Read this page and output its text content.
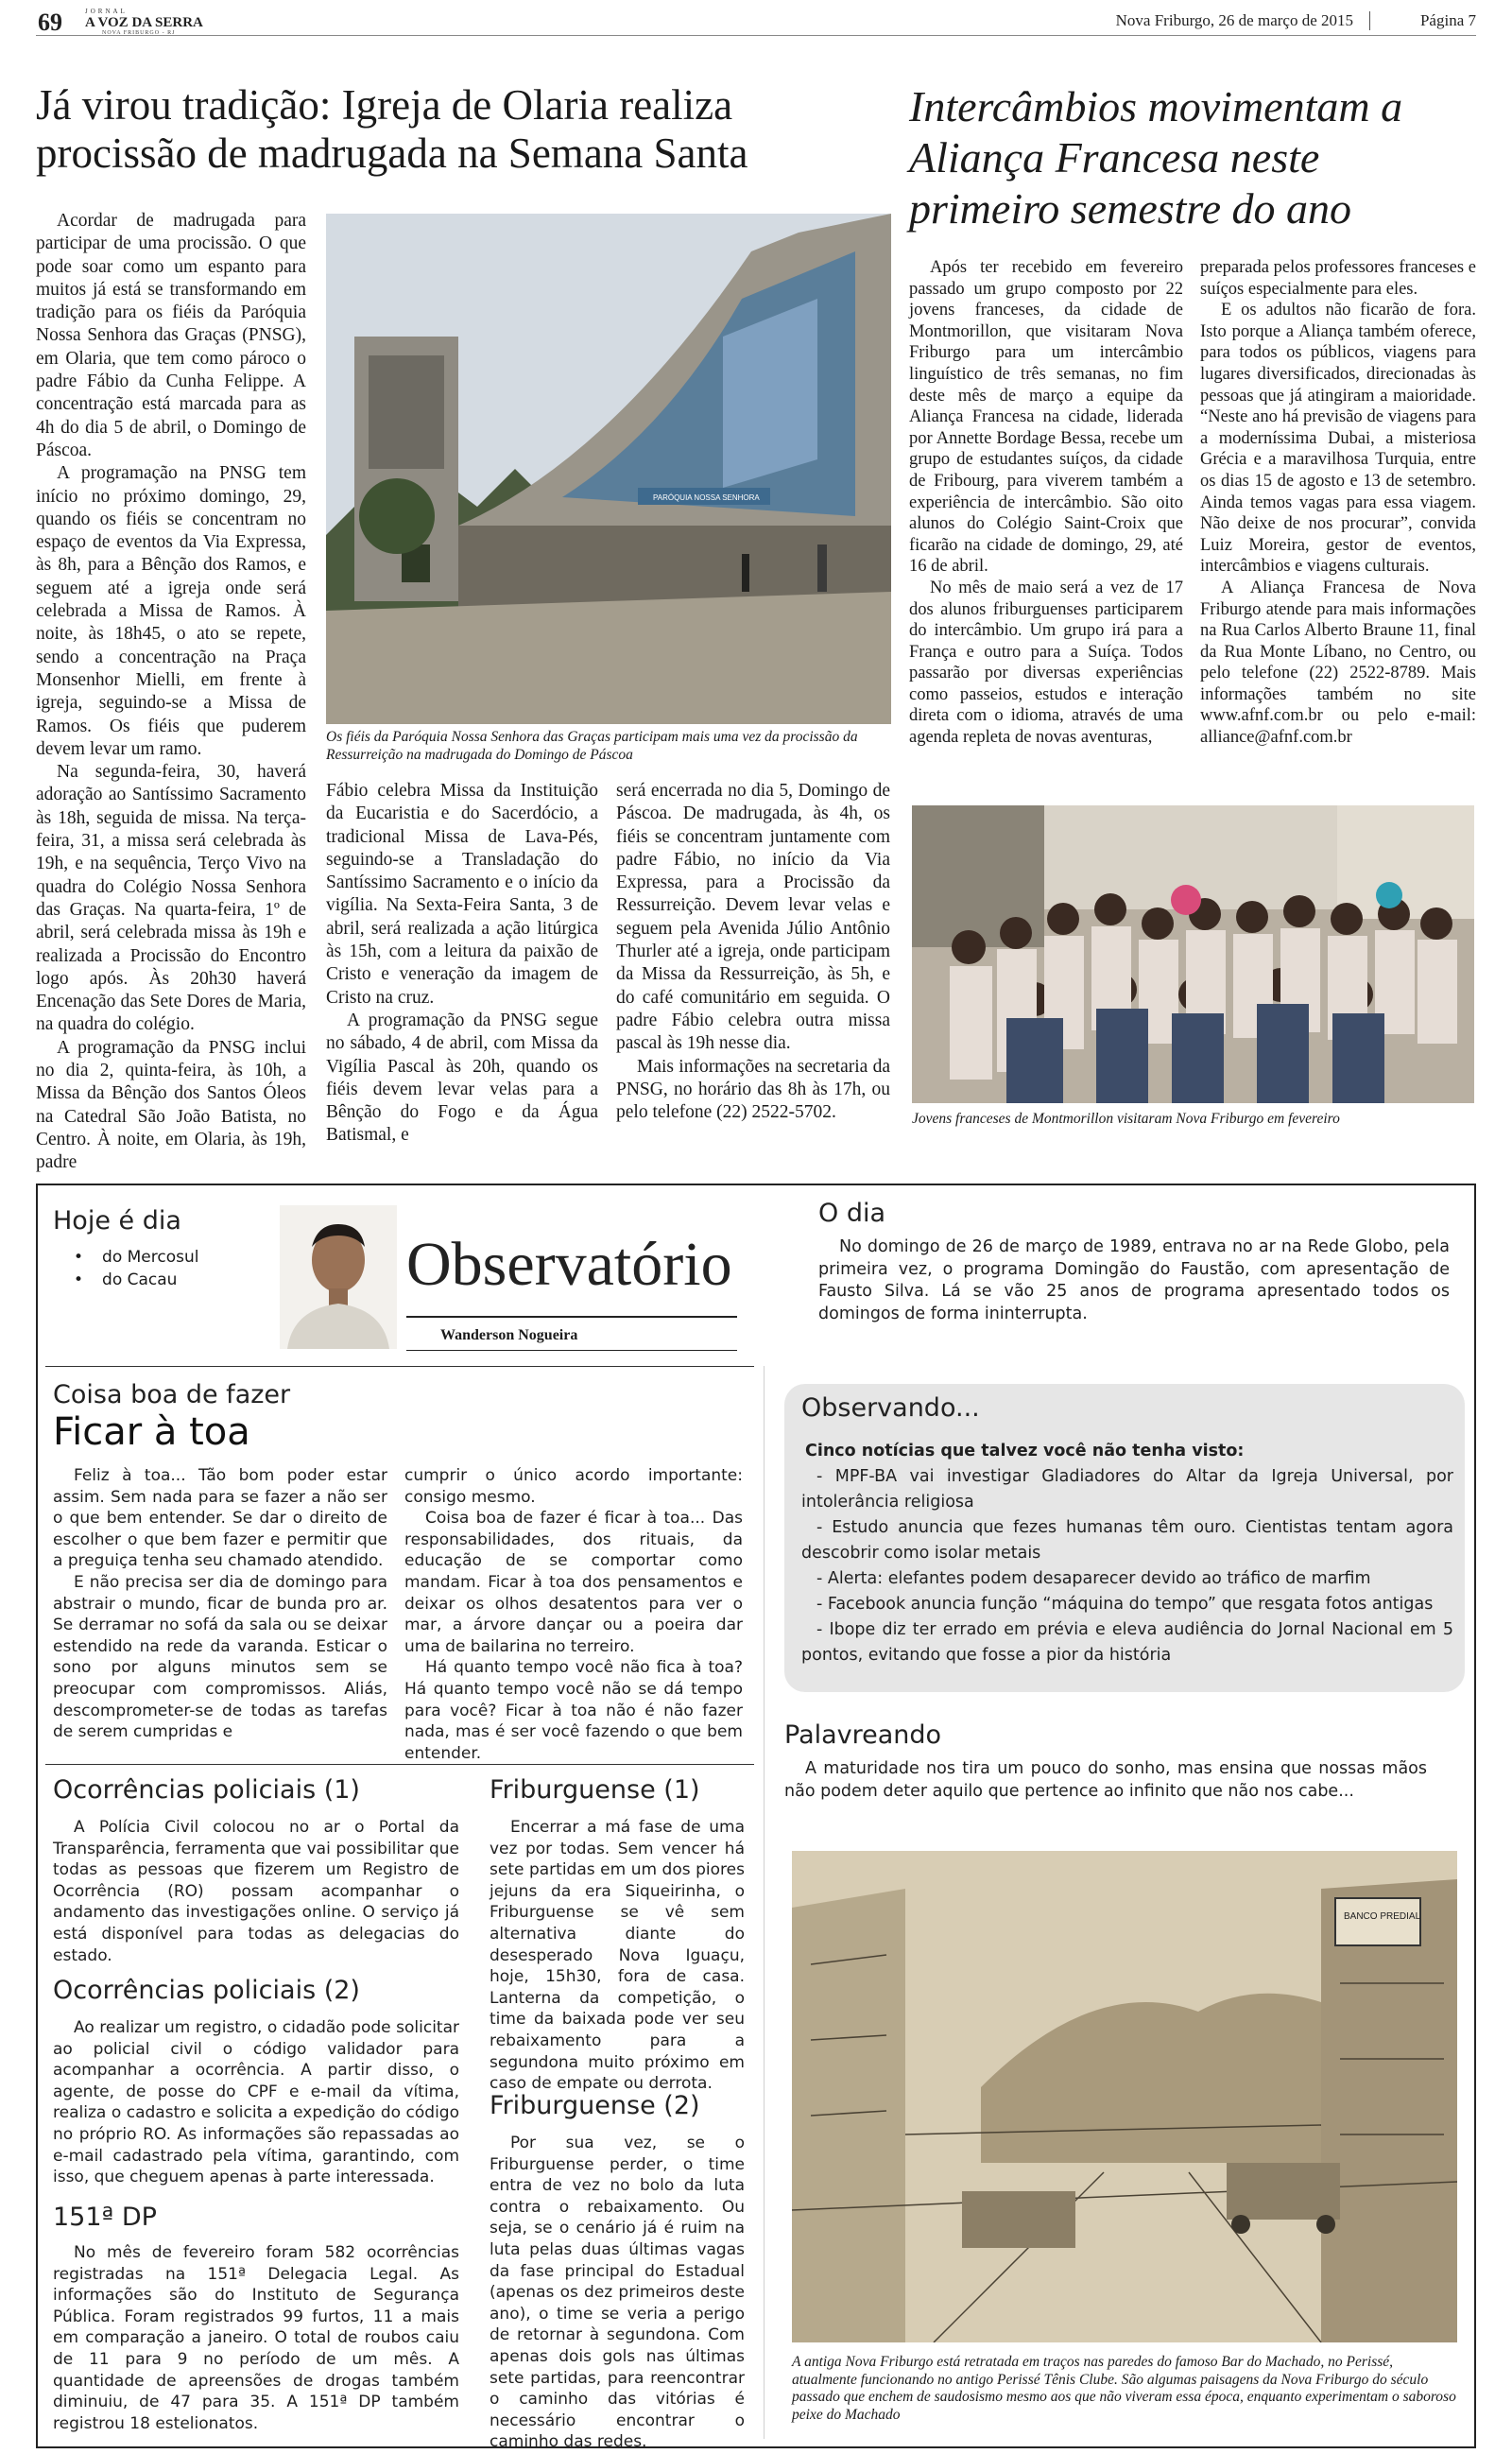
69	JORNAL
A VOZ DA SERRA
NOVA FRIBURGO - RJ
Nova Friburgo, 26 de março de 2015	Página 7
Já virou tradição: Igreja de Olaria realiza procissão de madrugada na Semana Santa

Acordar de madrugada para participar de uma procissão. O que pode soar como um espanto para muitos já está se transformando em tradição para os fiéis da Paróquia Nossa Senhora das Graças (PNSG), em Olaria, que tem como pároco o padre Fábio da Cunha Felippe. A concentração está marcada para as 4h do dia 5 de abril, o Domingo de Páscoa.

A programação na PNSG tem início no próximo domingo, 29, quando os fiéis se concentram no espaço de eventos da Via Expressa, às 8h, para a Bênção dos Ramos, e seguem até a igreja onde será celebrada a Missa de Ramos. À noite, às 18h45, o ato se repete, sendo a concentração na Praça Monsenhor Mielli, em frente à igreja, seguindo-se a Missa de Ramos. Os fiéis que puderem devem levar um ramo.

Na segunda-feira, 30, haverá adoração ao Santíssimo Sacramento às 18h, seguida de missa. Na terça-feira, 31, a missa será celebrada às 19h, e na sequência, Terço Vivo na quadra do Colégio Nossa Senhora das Graças. Na quarta-feira, 1º de abril, será celebrada missa às 19h e realizada a Procissão do Encontro logo após. Às 20h30 haverá Encenação das Sete Dores de Maria, na quadra do colégio.

A programação da PNSG inclui no dia 2, quinta-feira, às 10h, a Missa da Bênção dos Santos Óleos na Catedral São João Batista, no Centro. À noite, em Olaria, às 19h, padre

PARÓQUIA NOSSA SENHORA
Os fiéis da Paróquia Nossa Senhora das Graças participam mais uma vez da procissão da Ressurreição na madrugada do Domingo de Páscoa

Fábio celebra Missa da Instituição da Eucaristia e do Sacerdócio, a tradicional Missa de Lava-Pés, seguindo-se a Transladação do Santíssimo Sacramento e o início da vigília. Na Sexta-Feira Santa, 3 de abril, será realizada a ação litúrgica às 15h, com a leitura da paixão de Cristo e veneração da imagem de Cristo na cruz.

A programação da PNSG segue no sábado, 4 de abril, com Missa da Vigília Pascal às 20h, quando os fiéis devem levar velas para a Bênção do Fogo e da Água Batismal, e

será encerrada no dia 5, Domingo de Páscoa. De madrugada, às 4h, os fiéis se concentram juntamente com padre Fábio, no início da Via Expressa, para a Procissão da Ressurreição. Devem levar velas e seguem pela Avenida Júlio Antônio Thurler até a igreja, onde participam da Missa da Ressurreição, às 5h, e do café comunitário em seguida. O padre Fábio celebra outra missa pascal às 19h nesse dia.

Mais informações na secretaria da PNSG, no horário das 8h às 17h, ou pelo telefone (22) 2522-5702.

Intercâmbios movimentam a Aliança Francesa neste primeiro semestre do ano

Após ter recebido em fevereiro passado um grupo composto por 22 jovens franceses, da cidade de Montmorillon, que visitaram Nova Friburgo para um intercâmbio linguístico de três semanas, no fim deste mês de março a equipe da Aliança Francesa na cidade, liderada por Annette Bordage Bessa, recebe um grupo de estudantes suíços, da cidade de Fribourg, para viverem também a experiência de intercâmbio. São oito alunos do Colégio Saint-Croix que ficarão na cidade de domingo, 29, até 16 de abril.

No mês de maio será a vez de 17 dos alunos friburguenses participarem do intercâmbio. Um grupo irá para a França e outro para a Suíça. Todos passarão por diversas experiências como passeios, estudos e interação direta com o idioma, através de uma agenda repleta de novas aventuras,

preparada pelos professores franceses e suíços especialmente para eles.

E os adultos não ficarão de fora. Isto porque a Aliança também oferece, para todos os públicos, viagens para lugares diversificados, direcionadas às pessoas que já atingiram a maioridade. “Neste ano há previsão de viagens para a moderníssima Dubai, a misteriosa Grécia e a maravilhosa Turquia, entre os dias 15 de agosto e 13 de setembro. Ainda temos vagas para essa viagem. Não deixe de nos procurar”, convida Luiz Moreira, gestor de eventos, intercâmbios e viagens culturais.

A Aliança Francesa de Nova Friburgo atende para mais informações na Rua Carlos Alberto Braune 11, final da Rua Monte Líbano, no Centro, ou pelo telefone (22) 2522-8789. Mais informações também no site www.afnf.com.br ou pelo e-mail: alliance@afnf.com.br

Jovens franceses de Montmorillon visitaram Nova Friburgo em fevereiro
Hoje é dia
• do Mercosul
• do Cacau	Observatório
Wanderson Nogueira
O dia

No domingo de 26 de março de 1989, entrava no ar na Rede Globo, pela primeira vez, o programa Domingão do Faustão, com apresentação de Fausto Silva. Lá se vão 25 anos de programa apresentado todos os domingos de forma ininterrupta.

Coisa boa de fazer
Ficar à toa

Feliz à toa... Tão bom poder estar assim. Sem nada para se fazer a não ser o que bem entender. Se dar o direito de escolher o que bem fazer e permitir que a preguiça tenha seu chamado atendido.

E não precisa ser dia de domingo para abstrair o mundo, ficar de bunda pro ar. Se derramar no sofá da sala ou se deixar estendido na rede da varanda. Esticar o sono por alguns minutos sem se preocupar com compromissos. Aliás, descomprometer-se de todas as tarefas de serem cumpridas e

cumprir o único acordo importante: consigo mesmo.

Coisa boa de fazer é ficar à toa... Das responsabilidades, dos rituais, da educação de se comportar como mandam. Ficar à toa dos pensamentos e deixar os olhos desatentos para ver o mar, a árvore dançar ou a poeira dar uma de bailarina no terreiro.

Há quanto tempo você não fica à toa? Há quanto tempo você não se dá tempo para você? Ficar à toa não é não fazer nada, mas é ser você fazendo o que bem entender.

Observando...
Cinco notícias que talvez você não tenha visto:
- MPF-BA vai investigar Gladiadores do Altar da Igreja Universal, por intolerância religiosa
- Estudo anuncia que fezes humanas têm ouro. Cientistas tentam agora descobrir como isolar metais
- Alerta: elefantes podem desaparecer devido ao tráfico de marfim
- Facebook anuncia função “máquina do tempo” que resgata fotos antigas
- Ibope diz ter errado em prévia e eleva audiência do Jornal Nacional em 5 pontos, evitando que fosse a pior da história
Palavreando

A maturidade nos tira um pouco do sonho, mas ensina que nossas mãos não podem deter aquilo que pertence ao infinito que não nos cabe...

Ocorrências policiais (1)

A Polícia Civil colocou no ar o Portal da Transparência, ferramenta que vai possibilitar que todas as pessoas que fizerem um Registro de Ocorrência (RO) possam acompanhar o andamento das investigações online. O serviço já está disponível para todas as delegacias do estado.

Ocorrências policiais (2)

Ao realizar um registro, o cidadão pode solicitar ao policial civil o código validador para acompanhar a ocorrência. A partir disso, o agente, de posse do CPF e e-mail da vítima, realiza o cadastro e solicita a expedição do código no próprio RO. As informações são repassadas ao e-mail cadastrado pela vítima, garantindo, com isso, que cheguem apenas à parte interessada.

151ª DP

No mês de fevereiro foram 582 ocorrências registradas na 151ª Delegacia Legal. As informações são do Instituto de Segurança Pública. Foram registrados 99 furtos, 11 a mais em comparação a janeiro. O total de roubos caiu de 11 para 9 no período de um mês. A quantidade de apreensões de drogas também diminuiu, de 47 para 35. A 151ª DP também registrou 18 estelionatos.

Friburguense (1)

Encerrar a má fase de uma vez por todas. Sem vencer há sete partidas em um dos piores jejuns da era Siqueirinha, o Friburguense se vê sem alternativa diante do desesperado Nova Iguaçu, hoje, 15h30, fora de casa. Lanterna da competição, o time da baixada pode ver seu rebaixamento para a segundona muito próximo em caso de empate ou derrota.

Friburguense (2)

Por sua vez, se o Friburguense perder, o time entra de vez no bolo da luta contra o rebaixamento. Ou seja, se o cenário já é ruim na luta pelas duas últimas vagas da fase principal do Estadual (apenas os dez primeiros deste ano), o time se veria a perigo de retornar à segundona. Com apenas dois gols nas últimas sete partidas, para reencontrar o caminho das vitórias é necessário encontrar o caminho das redes.

BANCO PREDIAL
A antiga Nova Friburgo está retratada em traços nas paredes do famoso Bar do Machado, no Perissé, atualmente funcionando no antigo Perissé Tênis Clube. São algumas paisagens da Nova Friburgo do século passado que enchem de saudosismo mesmo aos que não viveram essa época, enquanto experimentam o saboroso peixe do Machado
